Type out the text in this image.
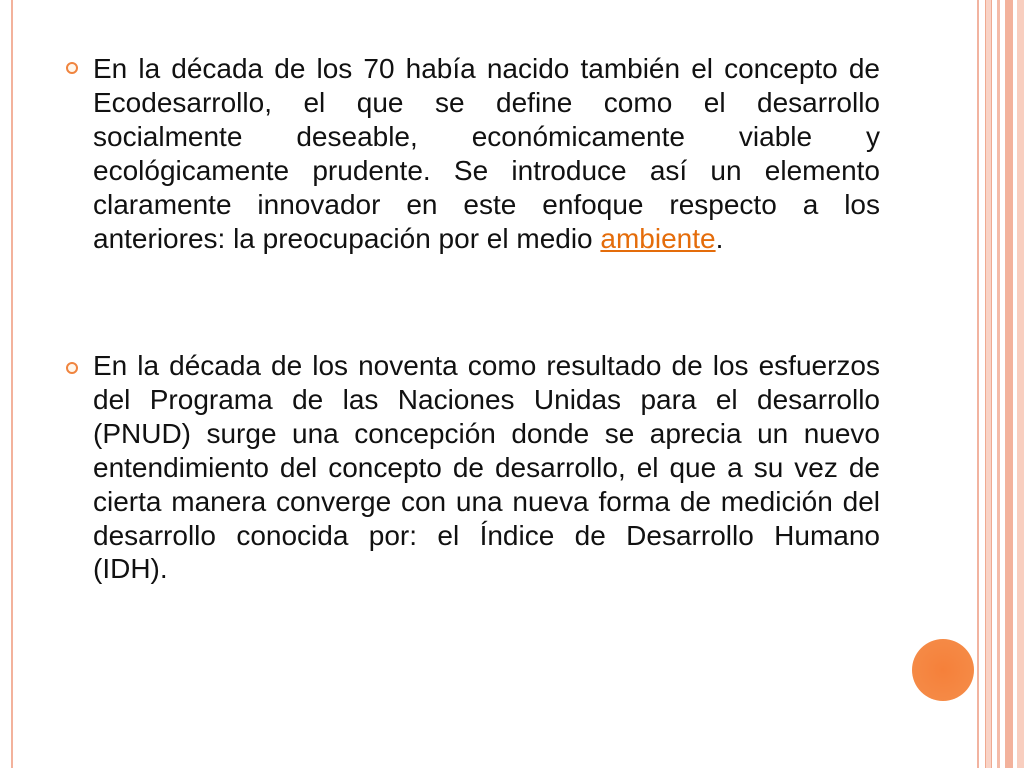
En la década de los 70 había nacido también el concepto de
Ecodesarrollo, el que se define como el desarrollo
socialmente deseable, económicamente viable y
ecológicamente prudente. Se introduce así un elemento
claramente innovador en este enfoque respecto a los
anteriores: la preocupación por el medio ambiente.
En la década de los noventa como resultado de los esfuerzos
del Programa de las Naciones Unidas para el desarrollo
(PNUD) surge una concepción donde se aprecia un nuevo
entendimiento del concepto de desarrollo, el que a su vez de
cierta manera converge con una nueva forma de medición del
desarrollo conocida por: el Índice de Desarrollo Humano
(IDH).
